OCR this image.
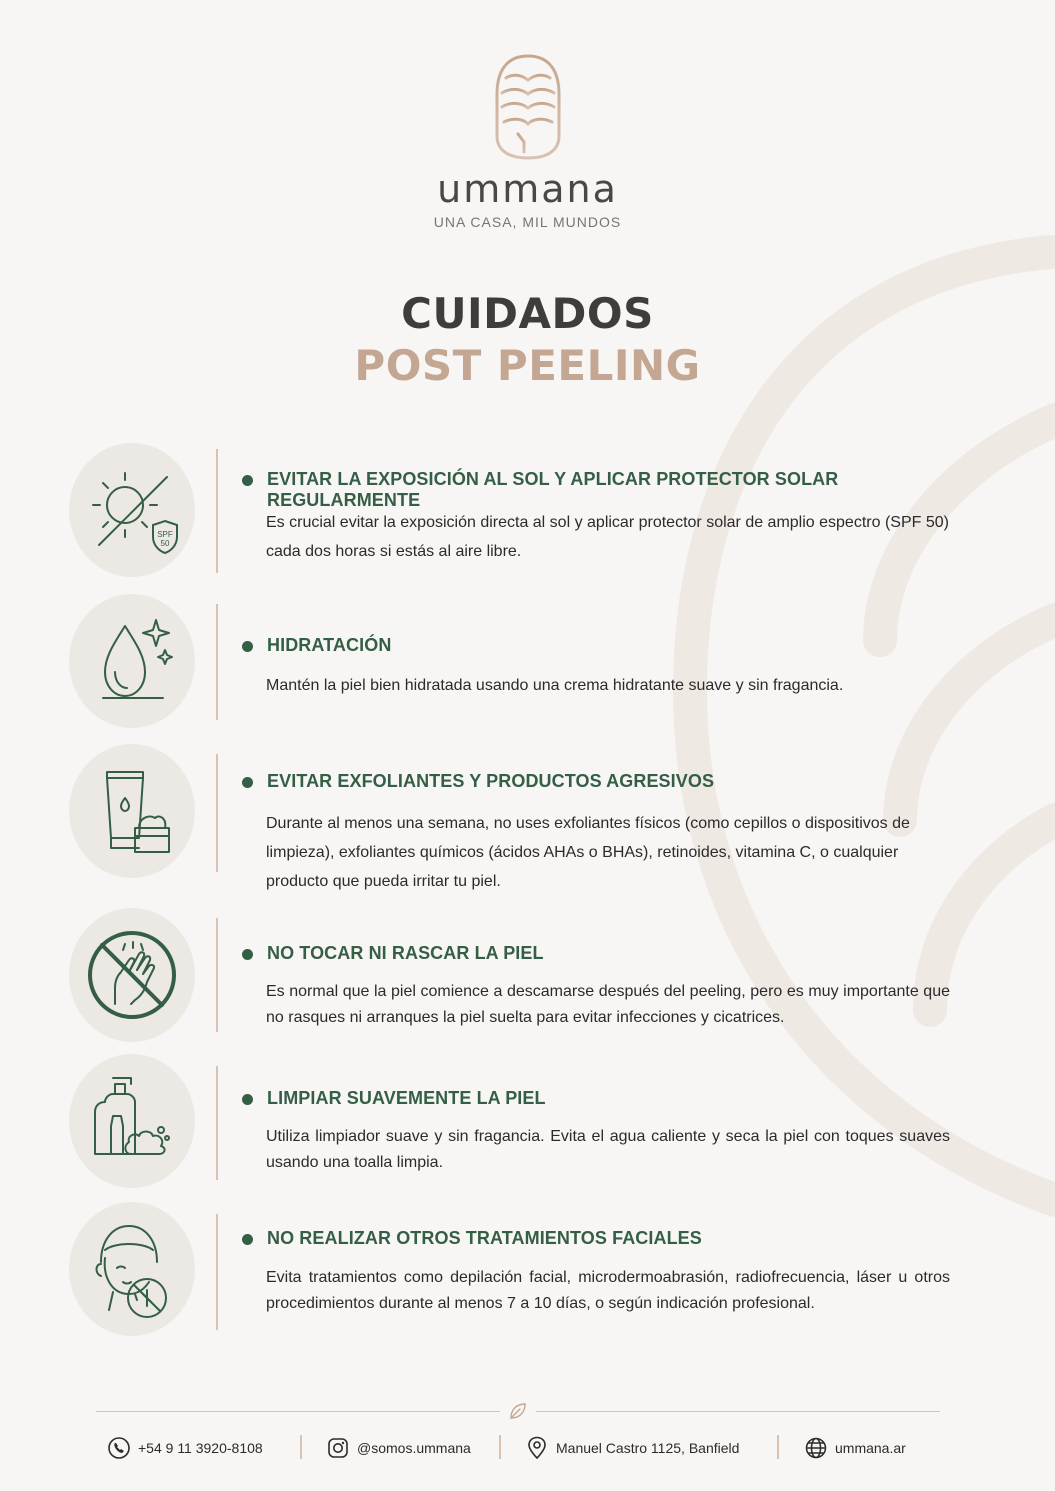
ummana
UNA CASA, MIL MUNDOS
CUIDADOS
POST PEELING
SPF
50
EVITAR LA EXPOSICIÓN AL SOL Y APLICAR PROTECTOR SOLAR REGULARMENTE
Es crucial evitar la exposición directa al sol y aplicar protector solar de amplio espectro (SPF 50) cada dos horas si estás al aire libre.
HIDRATACIÓN
Mantén la piel bien hidratada usando una crema hidratante suave y sin fragancia.
EVITAR EXFOLIANTES Y PRODUCTOS AGRESIVOS
Durante al menos una semana, no uses exfoliantes físicos (como cepillos o dispositivos de limpieza), exfoliantes químicos (ácidos AHAs o BHAs), retinoides, vitamina C, o cualquier producto que pueda irritar tu piel.
NO TOCAR NI RASCAR LA PIEL
Es normal que la piel comience a descamarse después del peeling, pero es muy importante que no rasques ni arranques la piel suelta para evitar infecciones y cicatrices.
LIMPIAR SUAVEMENTE LA PIEL
Utiliza limpiador suave y sin fragancia. Evita el agua caliente y seca la piel con toques suaves usando una toalla limpia.
NO REALIZAR OTROS TRATAMIENTOS FACIALES
Evita tratamientos como depilación facial, microdermoabrasión, radiofrecuencia, láser u otros procedimientos durante al menos 7 a 10 días, o según indicación profesional.
+54 9 11 3920-8108	@somos.ummana	Manuel Castro 1125, Banfield	ummana.ar
